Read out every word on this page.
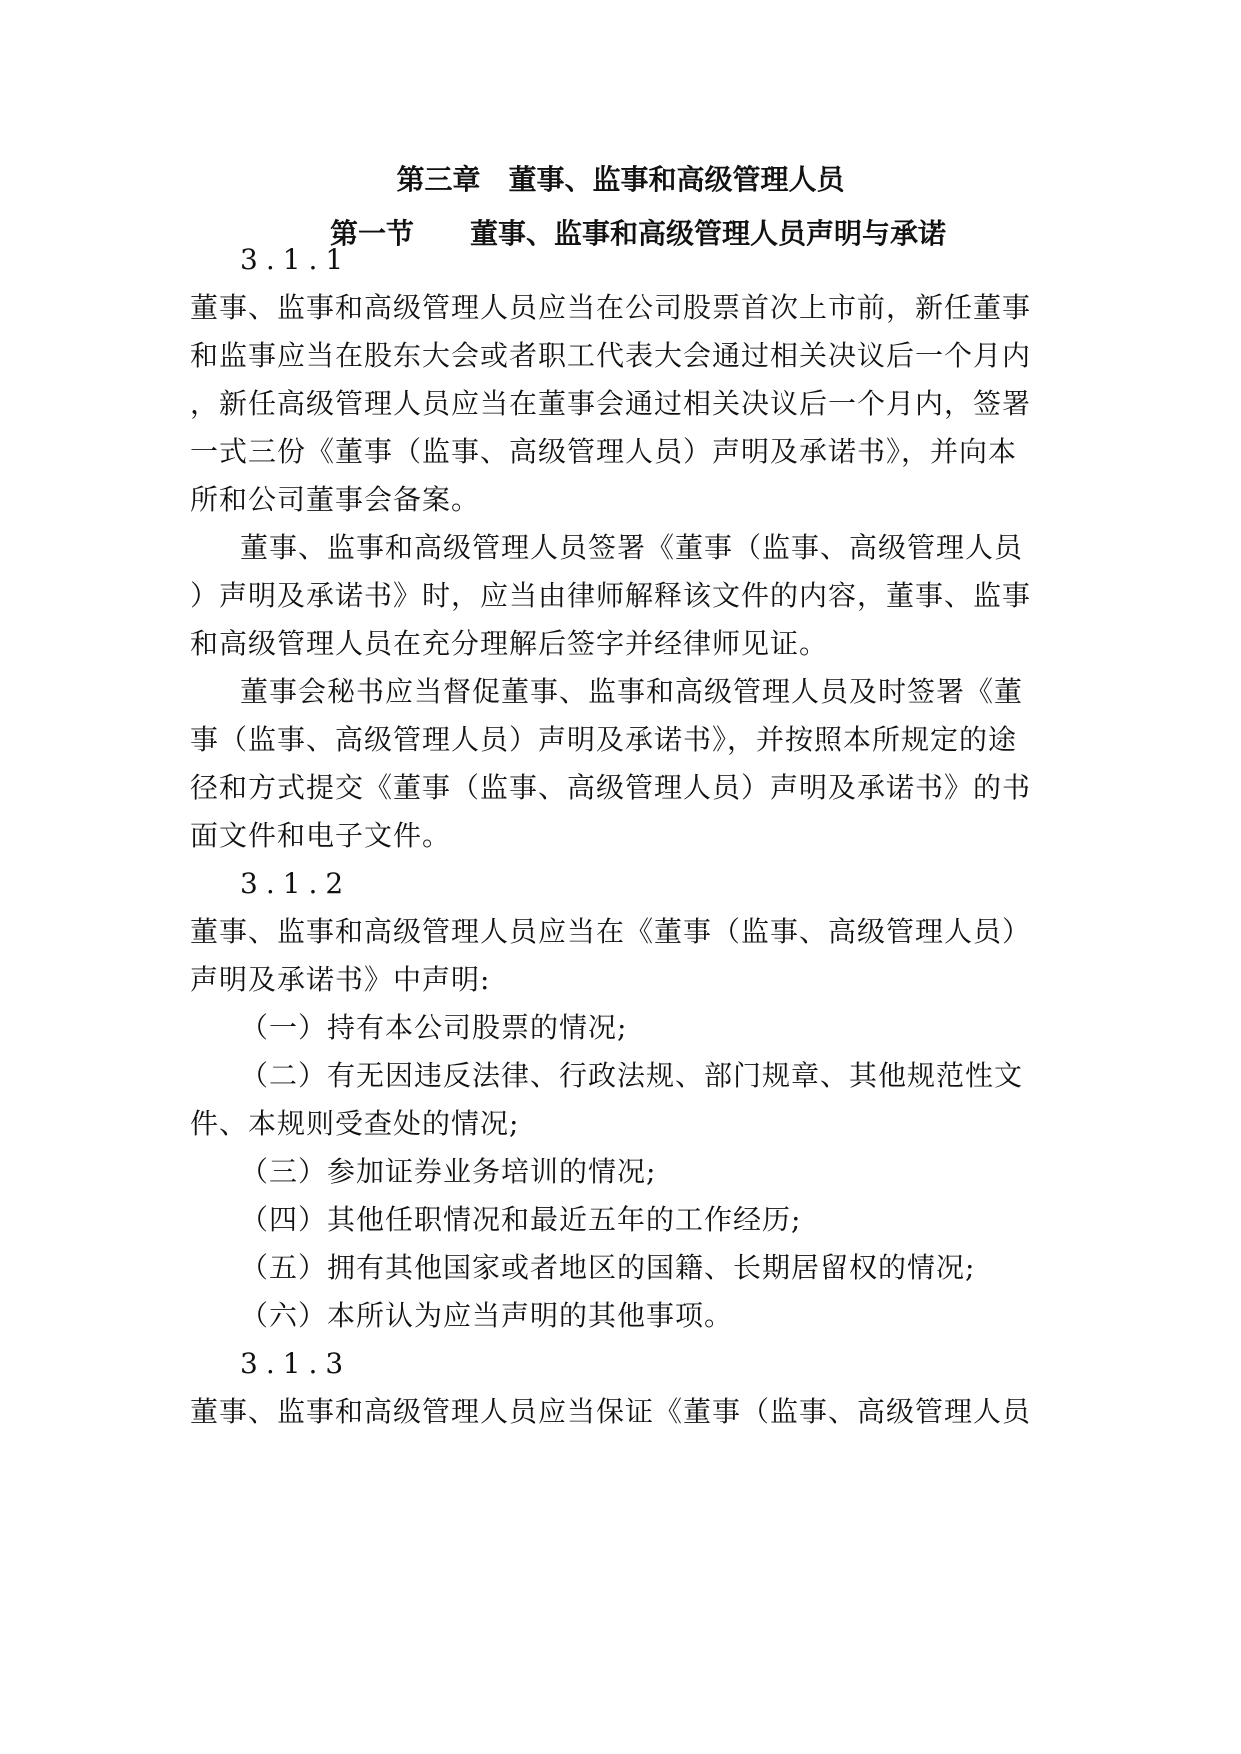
第三章　董事、监事和高级管理人员
第一节　　董事、监事和高级管理人员声明与承诺
3.1.1
董事、监事和高级管理人员应当在公司股票首次上市前，新任董事
和监事应当在股东大会或者职工代表大会通过相关决议后一个月内
，新任高级管理人员应当在董事会通过相关决议后一个月内，签署
一式三份《董事（监事、高级管理人员）声明及承诺书》，并向本
所和公司董事会备案。
董事、监事和高级管理人员签署《董事（监事、高级管理人员
）声明及承诺书》时，应当由律师解释该文件的内容，董事、监事
和高级管理人员在充分理解后签字并经律师见证。
董事会秘书应当督促董事、监事和高级管理人员及时签署《董
事（监事、高级管理人员）声明及承诺书》，并按照本所规定的途
径和方式提交《董事（监事、高级管理人员）声明及承诺书》的书
面文件和电子文件。
3.1.2
董事、监事和高级管理人员应当在《董事（监事、高级管理人员）
声明及承诺书》中声明:
（一）持有本公司股票的情况;
（二）有无因违反法律、行政法规、部门规章、其他规范性文
件、本规则受查处的情况;
（三）参加证券业务培训的情况;
（四）其他任职情况和最近五年的工作经历;
（五）拥有其他国家或者地区的国籍、长期居留权的情况;
（六）本所认为应当声明的其他事项。
3.1.3
董事、监事和高级管理人员应当保证《董事（监事、高级管理人员
